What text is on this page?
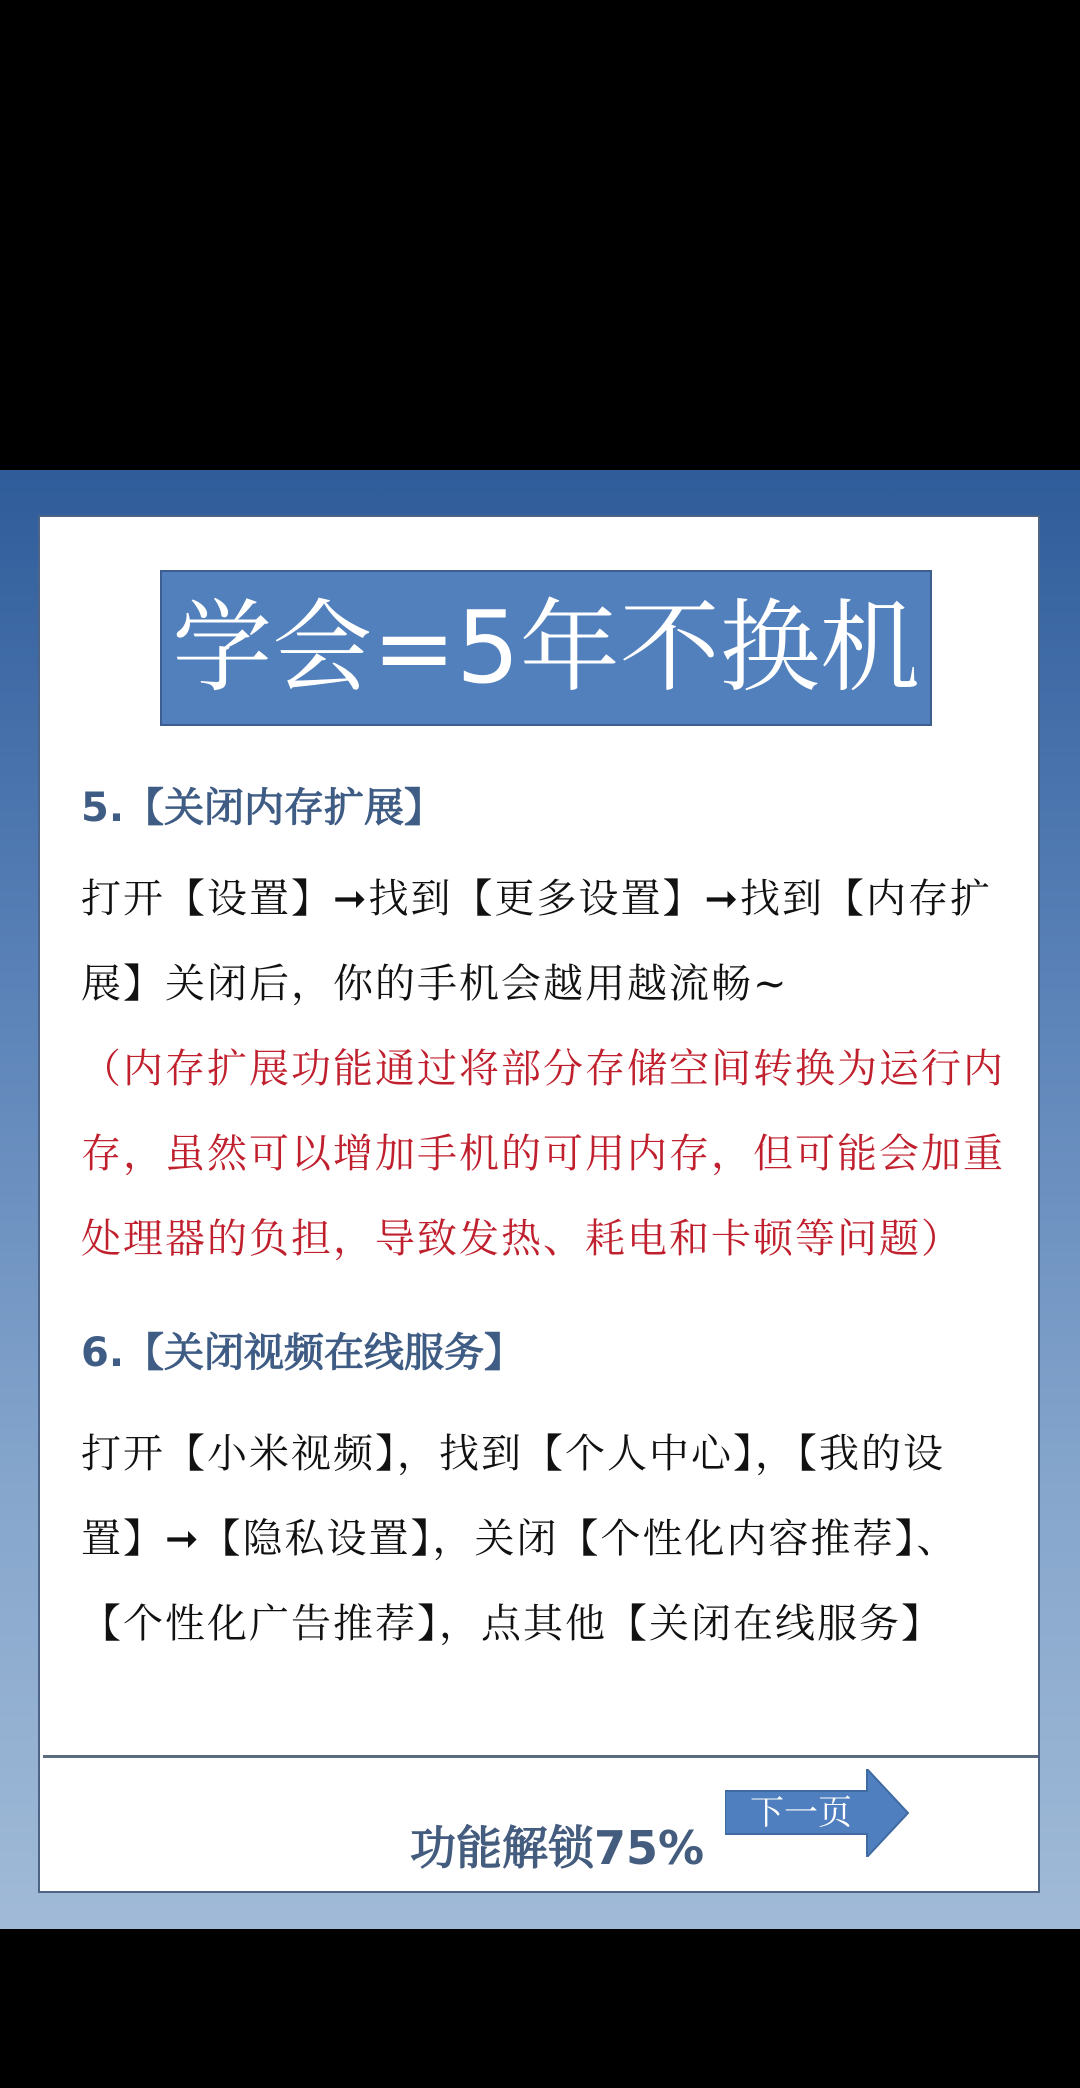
学会=5年不换机
5.【关闭内存扩展】
打开【设置】➞找到【更多设置】➞找到【内存扩
展】关闭后，你的手机会越用越流畅~
（内存扩展功能通过将部分存储空间转换为运行内
存，虽然可以增加手机的可用内存，但可能会加重
处理器的负担，导致发热、耗电和卡顿等问题）
6.【关闭视频在线服务】
打开【小米视频】，找到【个人中心】，【我的设
置】➞【隐私设置】，关闭【个性化内容推荐】、
【个性化广告推荐】，点其他【关闭在线服务】
功能解锁75%
下一页
